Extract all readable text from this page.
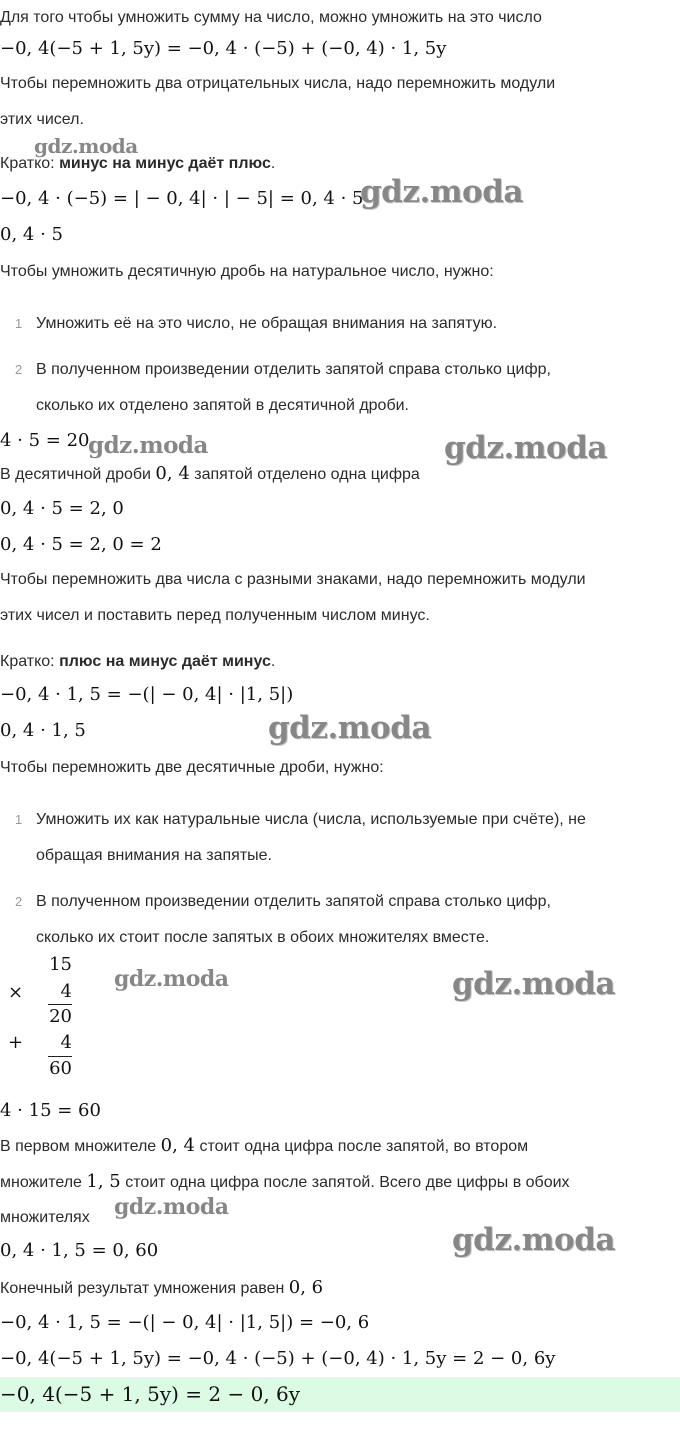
Для того чтобы умножить сумму на число, можно умножить на это число
−0, 4(−5 + 1, 5y) = −0, 4 · (−5) + (−0, 4) · 1, 5y
Чтобы перемножить два отрицательных числа, надо перемножить модули
этих чисел.
Кратко: минус на минус даёт плюс.
−0, 4 · (−5) = | − 0, 4| · | − 5| = 0, 4 · 5
0, 4 · 5
Чтобы умножить десятичную дробь на натуральное число, нужно:
1 Умножить её на это число, не обращая внимания на запятую.
2 В полученном произведении отделить запятой справа столько цифр,
сколько их отделено запятой в десятичной дроби.
4 · 5 = 20
В десятичной дроби 0, 4 запятой отделено одна цифра
0, 4 · 5 = 2, 0
0, 4 · 5 = 2, 0 = 2
Чтобы перемножить два числа с разными знаками, надо перемножить модули
этих чисел и поставить перед полученным числом минус.
Кратко: плюс на минус даёт минус.
−0, 4 · 1, 5 = −(| − 0, 4| · |1, 5|)
0, 4 · 1, 5
Чтобы перемножить две десятичные дроби, нужно:
1 Умножить их как натуральные числа (числа, используемые при счёте), не
обращая внимания на запятые.
2 В полученном произведении отделить запятой справа столько цифр,
сколько их стоит после запятых в обоих множителях вместе.
15
×	4
20
+	4
60
4 · 15 = 60
В первом множителе 0, 4 стоит одна цифра после запятой, во втором
множителе 1, 5 стоит одна цифра после запятой. Всего две цифры в обоих
множителях
0, 4 · 1, 5 = 0, 60
Конечный результат умножения равен 0, 6
−0, 4 · 1, 5 = −(| − 0, 4| · |1, 5|) = −0, 6
−0, 4(−5 + 1, 5y) = −0, 4 · (−5) + (−0, 4) · 1, 5y = 2 − 0, 6y
−0, 4(−5 + 1, 5y) = 2 − 0, 6y
gdz.moda
gdz.moda
gdz.moda	gdz.moda
gdz.moda
gdz.moda	gdz.moda
gdz.moda
gdz.moda
